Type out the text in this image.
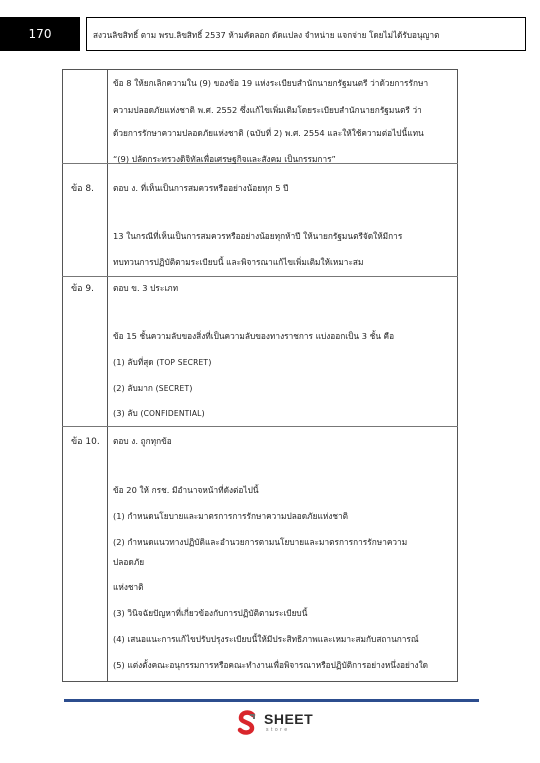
170	สงวนลิขสิทธิ์ ตาม พรบ.ลิขสิทธิ์ 2537 ห้ามคัดลอก ดัดแปลง จำหน่าย แจกจ่าย โดยไม่ได้รับอนุญาต
ข้อ 8 ให้ยกเลิกความใน (9) ของข้อ 19 แห่งระเบียบสำนักนายกรัฐมนตรี ว่าด้วยการรักษา
ความปลอดภัยแห่งชาติ พ.ศ. 2552 ซึ่งแก้ไขเพิ่มเติมโดยระเบียบสำนักนายกรัฐมนตรี ว่า
ด้วยการรักษาความปลอดภัยแห่งชาติ (ฉบับที่ 2) พ.ศ. 2554 และให้ใช้ความต่อไปนี้แทน
“(9) ปลัดกระทรวงดิจิทัลเพื่อเศรษฐกิจและสังคม เป็นกรรมการ”
ข้อ 8. ตอบ ง. ที่เห็นเป็นการสมควรหรืออย่างน้อยทุก 5 ปี
13 ในกรณีที่เห็นเป็นการสมควรหรืออย่างน้อยทุกห้าปี ให้นายกรัฐมนตรีจัดให้มีการ
ทบทวนการปฏิบัติตามระเบียบนี้ และพิจารณาแก้ไขเพิ่มเติมให้เหมาะสม
ข้อ 9. ตอบ ข. 3 ประเภท
ข้อ 15 ชั้นความลับของสิ่งที่เป็นความลับของทางราชการ แบ่งออกเป็น 3 ชั้น คือ
(1) ลับที่สุด (TOP SECRET)
(2) ลับมาก (SECRET)
(3) ลับ (CONFIDENTIAL)
ข้อ 10. ตอบ ง. ถูกทุกข้อ
ข้อ 20 ให้ กรช. มีอำนาจหน้าที่ดังต่อไปนี้
(1) กำหนดนโยบายและมาตรการการรักษาความปลอดภัยแห่งชาติ
(2) กำหนดแนวทางปฏิบัติและอำนวยการตามนโยบายและมาตรการการรักษาความ
ปลอดภัย
แห่งชาติ
(3) วินิจฉัยปัญหาที่เกี่ยวข้องกับการปฏิบัติตามระเบียบนี้
(4) เสนอแนะการแก้ไขปรับปรุงระเบียบนี้ให้มีประสิทธิภาพและเหมาะสมกับสถานการณ์
(5) แต่งตั้งคณะอนุกรรมการหรือคณะทำงานเพื่อพิจารณาหรือปฏิบัติการอย่างหนึ่งอย่างใด
SHEET
store
